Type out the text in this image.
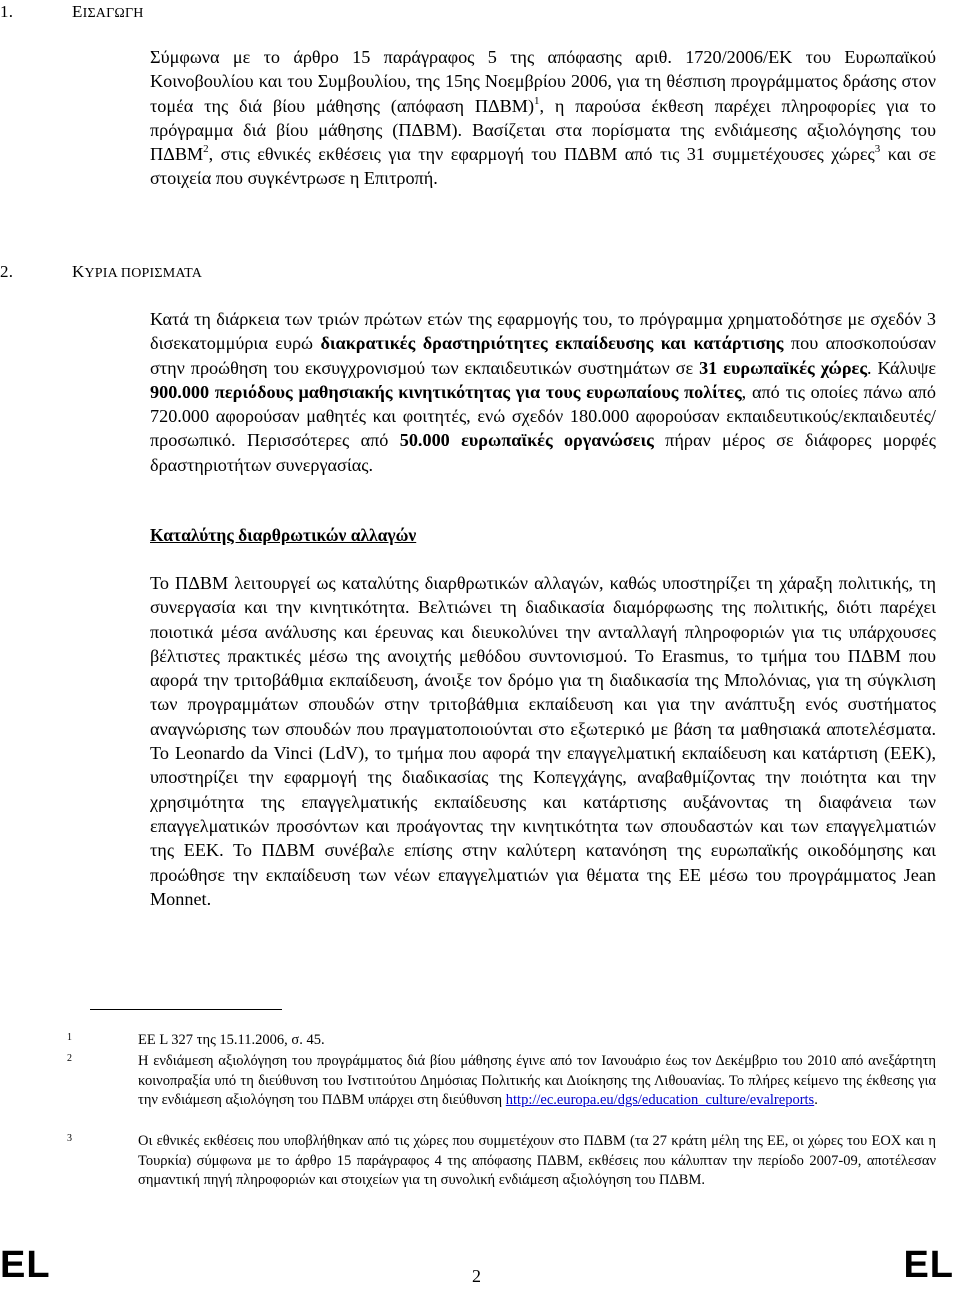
1.	ΕΙΣΑΓΩΓΗ

Σύμφωνα με το άρθρο 15 παράγραφος 5 της απόφασης αριθ. 1720/2006/ΕΚ του Ευρωπαϊκού Κοινοβουλίου και του Συμβουλίου, της 15ης Νοεμβρίου 2006, για τη θέσπιση προγράμματος δράσης στον τομέα της διά βίου μάθησης (απόφαση ΠΔΒΜ)$^1$, η παρούσα έκθεση παρέχει πληροφορίες για το πρόγραμμα διά βίου μάθησης (ΠΔΒΜ). Βασίζεται στα πορίσματα της ενδιάμεσης αξιολόγησης του ΠΔΒΜ$^2$, στις εθνικές εκθέσεις για την εφαρμογή του ΠΔΒΜ από τις 31 συμμετέχουσες χώρες$^3$ και σε στοιχεία που συγκέντρωσε η Επιτροπή.

2.	ΚΥΡΙΑ ΠΟΡΙΣΜΑΤΑ

Κατά τη διάρκεια των τριών πρώτων ετών της εφαρμογής του, το πρόγραμμα χρηματοδότησε με σχεδόν 3 δισεκατομμύρια ευρώ διακρατικές δραστηριότητες εκπαίδευσης και κατάρτισης που αποσκοπούσαν στην προώθηση του εκσυγχρονισμού των εκπαιδευτικών συστημάτων σε 31 ευρωπαϊκές χώρες. Κάλυψε 900.000 περιόδους μαθησιακής κινητικότητας για τους ευρωπαίους πολίτες, από τις οποίες πάνω από 720.000 αφορούσαν μαθητές και φοιτητές, ενώ σχεδόν 180.000 αφορούσαν εκπαιδευτικούς/εκπαιδευτές/προσωπικό. Περισσότερες από 50.000 ευρωπαϊκές οργανώσεις πήραν μέρος σε διάφορες μορφές δραστηριοτήτων συνεργασίας.

Καταλύτης διαρθρωτικών αλλαγών

Το ΠΔΒΜ λειτουργεί ως καταλύτης διαρθρωτικών αλλαγών, καθώς υποστηρίζει τη χάραξη πολιτικής, τη συνεργασία και την κινητικότητα. Βελτιώνει τη διαδικασία διαμόρφωσης της πολιτικής, διότι παρέχει ποιοτικά μέσα ανάλυσης και έρευνας και διευκολύνει την ανταλλαγή πληροφοριών για τις υπάρχουσες βέλτιστες πρακτικές μέσω της ανοιχτής μεθόδου συντονισμού. Το Erasmus, το τμήμα του ΠΔΒΜ που αφορά την τριτοβάθμια εκπαίδευση, άνοιξε τον δρόμο για τη διαδικασία της Μπολόνιας, για τη σύγκλιση των προγραμμάτων σπουδών στην τριτοβάθμια εκπαίδευση και για την ανάπτυξη ενός συστήματος αναγνώρισης των σπουδών που πραγματοποιούνται στο εξωτερικό με βάση τα μαθησιακά αποτελέσματα. Το Leonardo da Vinci (LdV), το τμήμα που αφορά την επαγγελματική εκπαίδευση και κατάρτιση (ΕΕΚ), υποστηρίζει την εφαρμογή της διαδικασίας της Κοπεγχάγης, αναβαθμίζοντας την ποιότητα και την χρησιμότητα της επαγγελματικής εκπαίδευσης και κατάρτισης αυξάνοντας τη διαφάνεια των επαγγελματικών προσόντων και προάγοντας την κινητικότητα των σπουδαστών και των επαγγελματιών της ΕΕΚ. Το ΠΔΒΜ συνέβαλε επίσης στην καλύτερη κατανόηση της ευρωπαϊκής οικοδόμησης και προώθησε την εκπαίδευση των νέων επαγγελματιών για θέματα της ΕΕ μέσω του προγράμματος Jean Monnet.

1	ΕΕ L 327 της 15.11.2006, σ. 45.
2	Η ενδιάμεση αξιολόγηση του προγράμματος διά βίου μάθησης έγινε από τον Ιανουάριο έως τον Δεκέμβριο του 2010 από ανεξάρτητη κοινοπραξία υπό τη διεύθυνση του Ινστιτούτου Δημόσιας Πολιτικής και Διοίκησης της Λιθουανίας. Το πλήρες κείμενο της έκθεσης για την ενδιάμεση αξιολόγηση του ΠΔΒΜ υπάρχει στη διεύθυνση http://ec.europa.eu/dgs/education_culture/evalreports.
3	Οι εθνικές εκθέσεις που υποβλήθηκαν από τις χώρες που συμμετέχουν στο ΠΔΒΜ (τα 27 κράτη μέλη της ΕΕ, οι χώρες του ΕΟΧ και η Τουρκία) σύμφωνα με το άρθρο 15 παράγραφος 4 της απόφασης ΠΔΒΜ, εκθέσεις που κάλυπταν την περίοδο 2007-09, αποτέλεσαν σημαντική πηγή πληροφοριών και στοιχείων για τη συνολική ενδιάμεση αξιολόγηση του ΠΔΒΜ.
EL	2	EL
